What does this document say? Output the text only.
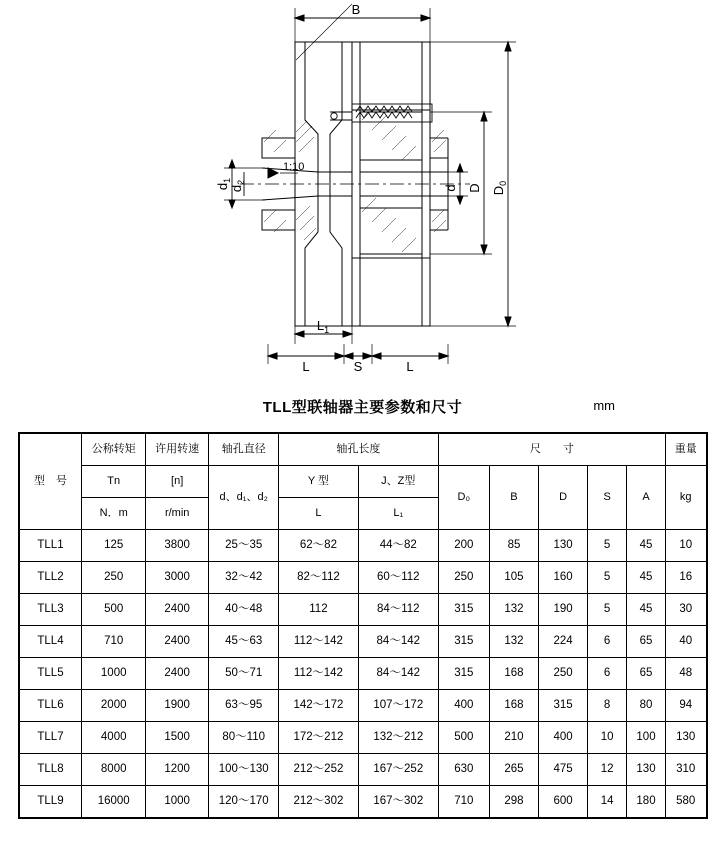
B
$D_0$
D
d
$d_1$
$d_2$
1:10
$L_1$
L	S	L
TLL型联轴器主要参数和尺寸	mm
型　号	公称转矩	许用转速	轴孔直径	轴孔长度		尺　　寸					重量
	Tn	[n]	d、d₁、d₂	Y 型	J、Z型	D₀	B	D	S	A	kg
	N．m	r/min		L	L₁						
TLL1	125	3800	25～35	62～82	44～82	200	85	130	5	45	10
TLL2	250	3000	32～42	82～112	60～112	250	105	160	5	45	16
TLL3	500	2400	40～48	112	84～112	315	132	190	5	45	30
TLL4	710	2400	45～63	112～142	84～142	315	132	224	6	65	40
TLL5	1000	2400	50～71	112～142	84～142	315	168	250	6	65	48
TLL6	2000	1900	63～95	142～172	107～172	400	168	315	8	80	94
TLL7	4000	1500	80～110	172～212	132～212	500	210	400	10	100	130
TLL8	8000	1200	100～130	212～252	167～252	630	265	475	12	130	310
TLL9	16000	1000	120～170	212～302	167～302	710	298	600	14	180	580
